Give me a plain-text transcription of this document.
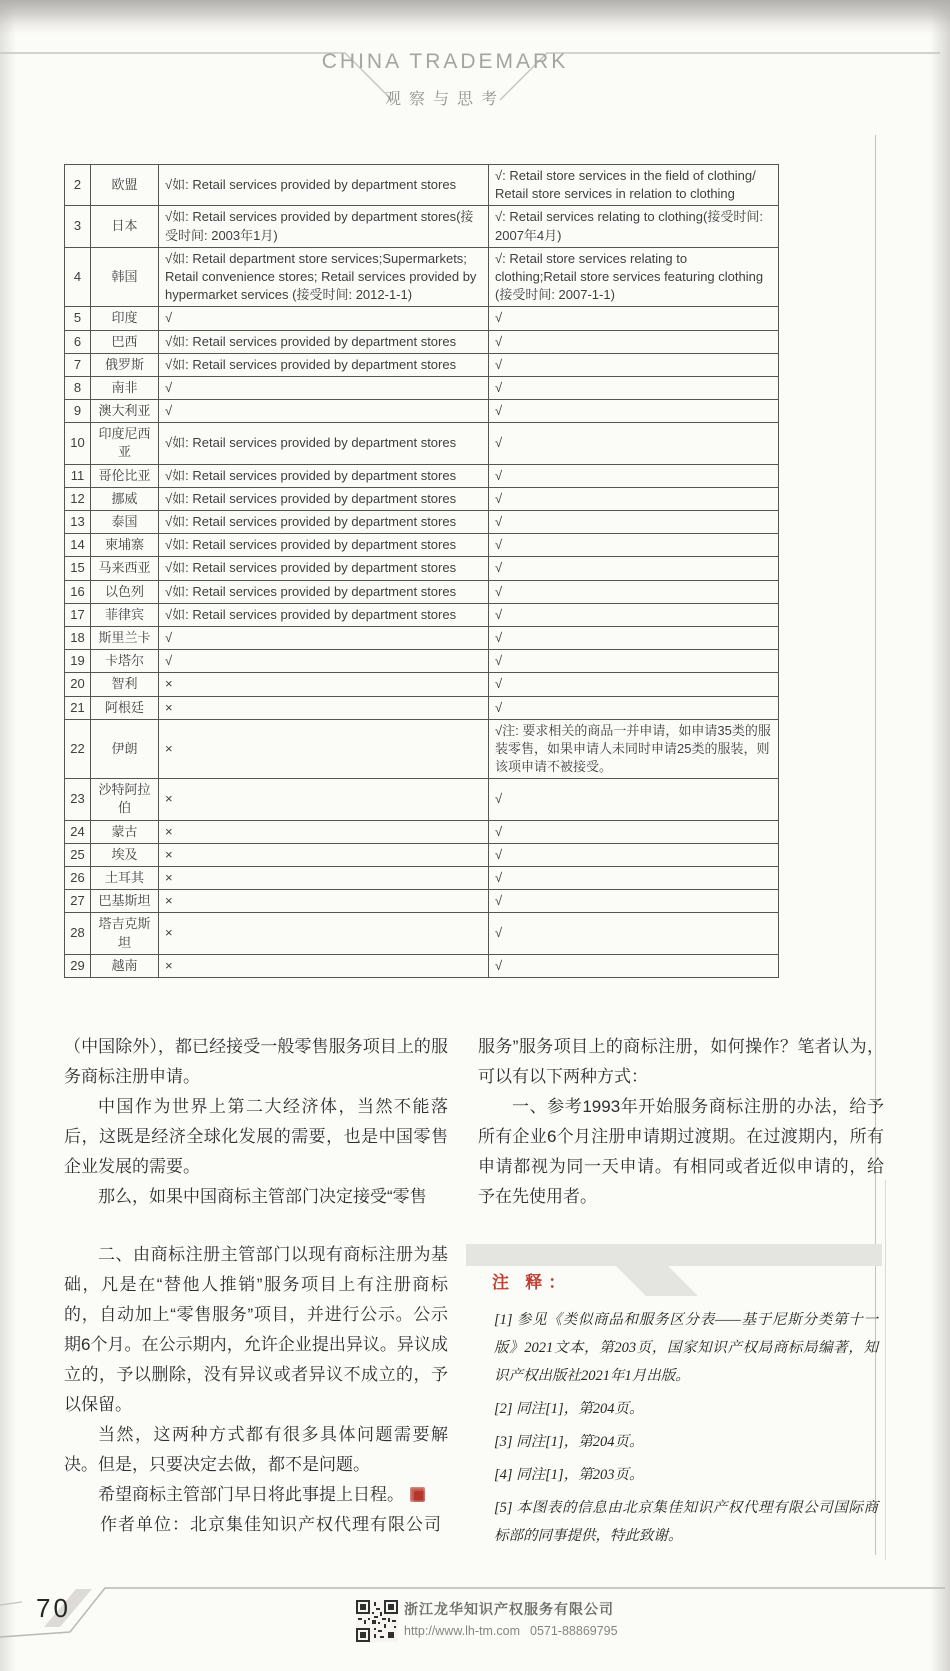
CHINA TRADEMARK
观察与思考
2	欧盟	√如: Retail services provided by department stores	√: Retail store services in the field of clothing/ Retail store services in relation to clothing
3	日本	√如: Retail services provided by department stores(接受时间: 2003年1月)	√: Retail services relating to clothing(接受时间: 2007年4月)
4	韩国	√如: Retail department store services;Supermarkets; Retail convenience stores; Retail services provided by hypermarket services (接受时间: 2012-1-1)	√: Retail store services relating to clothing;Retail store services featuring clothing (接受时间: 2007-1-1)
5	印度	√	√
6	巴西	√如: Retail services provided by department stores	√
7	俄罗斯	√如: Retail services provided by department stores	√
8	南非	√	√
9	澳大利亚	√	√
10	印度尼西亚	√如: Retail services provided by department stores	√
11	哥伦比亚	√如: Retail services provided by department stores	√
12	挪威	√如: Retail services provided by department stores	√
13	泰国	√如: Retail services provided by department stores	√
14	柬埔寨	√如: Retail services provided by department stores	√
15	马来西亚	√如: Retail services provided by department stores	√
16	以色列	√如: Retail services provided by department stores	√
17	菲律宾	√如: Retail services provided by department stores	√
18	斯里兰卡	√	√
19	卡塔尔	√	√
20	智利	×	√
21	阿根廷	×	√
22	伊朗	×	√注: 要求相关的商品一并申请，如申请35类的服装零售，如果申请人未同时申请25类的服装，则该项申请不被接受。
23	沙特阿拉伯	×	√
24	蒙古	×	√
25	埃及	×	√
26	土耳其	×	√
27	巴基斯坦	×	√
28	塔吉克斯坦	×	√
29	越南	×	√

（中国除外），都已经接受一般零售服务项目上的服务商标注册申请。

中国作为世界上第二大经济体，当然不能落后，这既是经济全球化发展的需要，也是中国零售企业发展的需要。

那么，如果中国商标主管部门决定接受“零售

服务”服务项目上的商标注册，如何操作？笔者认为，可以有以下两种方式：

一、参考1993年开始服务商标注册的办法，给予所有企业6个月注册申请期过渡期。在过渡期内，所有申请都视为同一天申请。有相同或者近似申请的，给予在先使用者。

二、由商标注册主管部门以现有商标注册为基础，凡是在“替他人推销”服务项目上有注册商标的，自动加上“零售服务”项目，并进行公示。公示期6个月。在公示期内，允许企业提出异议。异议成立的，予以删除，没有异议或者异议不成立的，予以保留。

当然，这两种方式都有很多具体问题需要解决。但是，只要决定去做，都不是问题。

希望商标主管部门早日将此事提上日程。

作者单位：北京集佳知识产权代理有限公司

注 释：

[1] 参见《类似商品和服务区分表——基于尼斯分类第十一版》2021文本，第203页，国家知识产权局商标局编著，知识产权出版社2021年1月出版。

[2] 同注[1]，第204页。

[3] 同注[1]，第204页。

[4] 同注[1]，第203页。

[5] 本图表的信息由北京集佳知识产权代理有限公司国际商标部的同事提供，特此致谢。

70	浙江龙华知识产权服务有限公司
http://www.lh-tm.com 0571-88869795
